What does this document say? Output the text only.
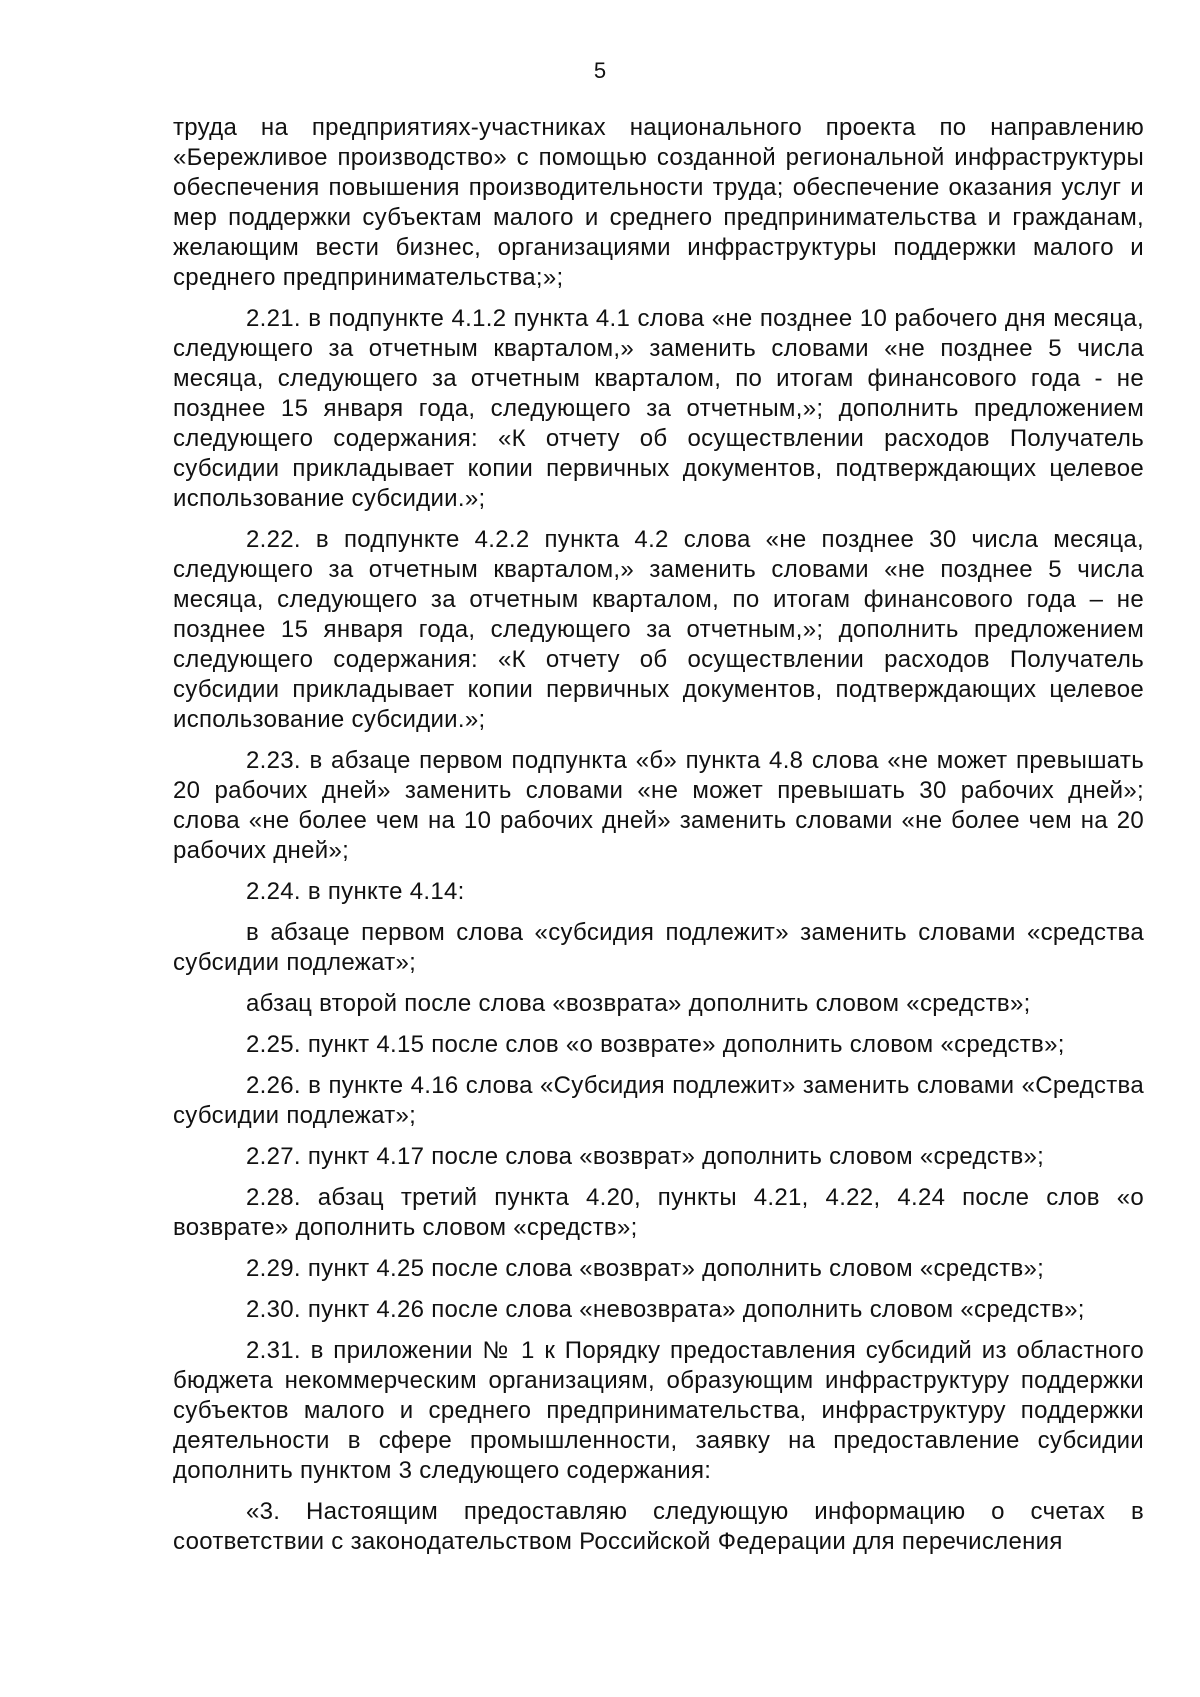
5

труда на предприятиях-участниках национального проекта по направлению «Бережливое производство» с помощью созданной региональной инфраструктуры обеспечения повышения производительности труда; обеспечение оказания услуг и мер поддержки субъектам малого и среднего предпринимательства и гражданам, желающим вести бизнес, организациями инфраструктуры поддержки малого и среднего предпринимательства;»;

2.21. в подпункте 4.1.2 пункта 4.1 слова «не позднее 10 рабочего дня месяца, следующего за отчетным кварталом,» заменить словами «не позднее 5 числа месяца, следующего за отчетным кварталом, по итогам финансового года - не позднее 15 января года, следующего за отчетным,»; дополнить предложением следующего содержания: «К отчету об осуществлении расходов Получатель субсидии прикладывает копии первичных документов, подтверждающих целевое использование субсидии.»;

2.22. в подпункте 4.2.2 пункта 4.2 слова «не позднее 30 числа месяца, следующего за отчетным кварталом,» заменить словами «не позднее 5 числа месяца, следующего за отчетным кварталом, по итогам финансового года – не позднее 15 января года, следующего за отчетным,»; дополнить предложением следующего содержания: «К отчету об осуществлении расходов Получатель субсидии прикладывает копии первичных документов, подтверждающих целевое использование субсидии.»;

2.23. в абзаце первом подпункта «б» пункта 4.8 слова «не может превышать 20 рабочих дней» заменить словами «не может превышать 30 рабочих дней»; слова «не более чем на 10 рабочих дней» заменить словами «не более чем на 20 рабочих дней»;

2.24. в пункте 4.14:

в абзаце первом слова «субсидия подлежит» заменить словами «средства субсидии подлежат»;

абзац второй после слова «возврата» дополнить словом «средств»;

2.25. пункт 4.15 после слов «о возврате» дополнить словом «средств»;

2.26. в пункте 4.16 слова «Субсидия подлежит» заменить словами «Средства субсидии подлежат»;

2.27. пункт 4.17 после слова «возврат» дополнить словом «средств»;

2.28. абзац третий пункта 4.20, пункты 4.21, 4.22, 4.24 после слов «о возврате» дополнить словом «средств»;

2.29. пункт 4.25 после слова «возврат» дополнить словом «средств»;

2.30. пункт 4.26 после слова «невозврата» дополнить словом «средств»;

2.31. в приложении № 1 к Порядку предоставления субсидий из областного бюджета некоммерческим организациям, образующим инфраструктуру поддержки субъектов малого и среднего предпринимательства, инфраструктуру поддержки деятельности в сфере промышленности, заявку на предоставление субсидии дополнить пунктом 3 следующего содержания:

«3. Настоящим предоставляю следующую информацию о счетах в соответствии с законодательством Российской Федерации для перечисления
